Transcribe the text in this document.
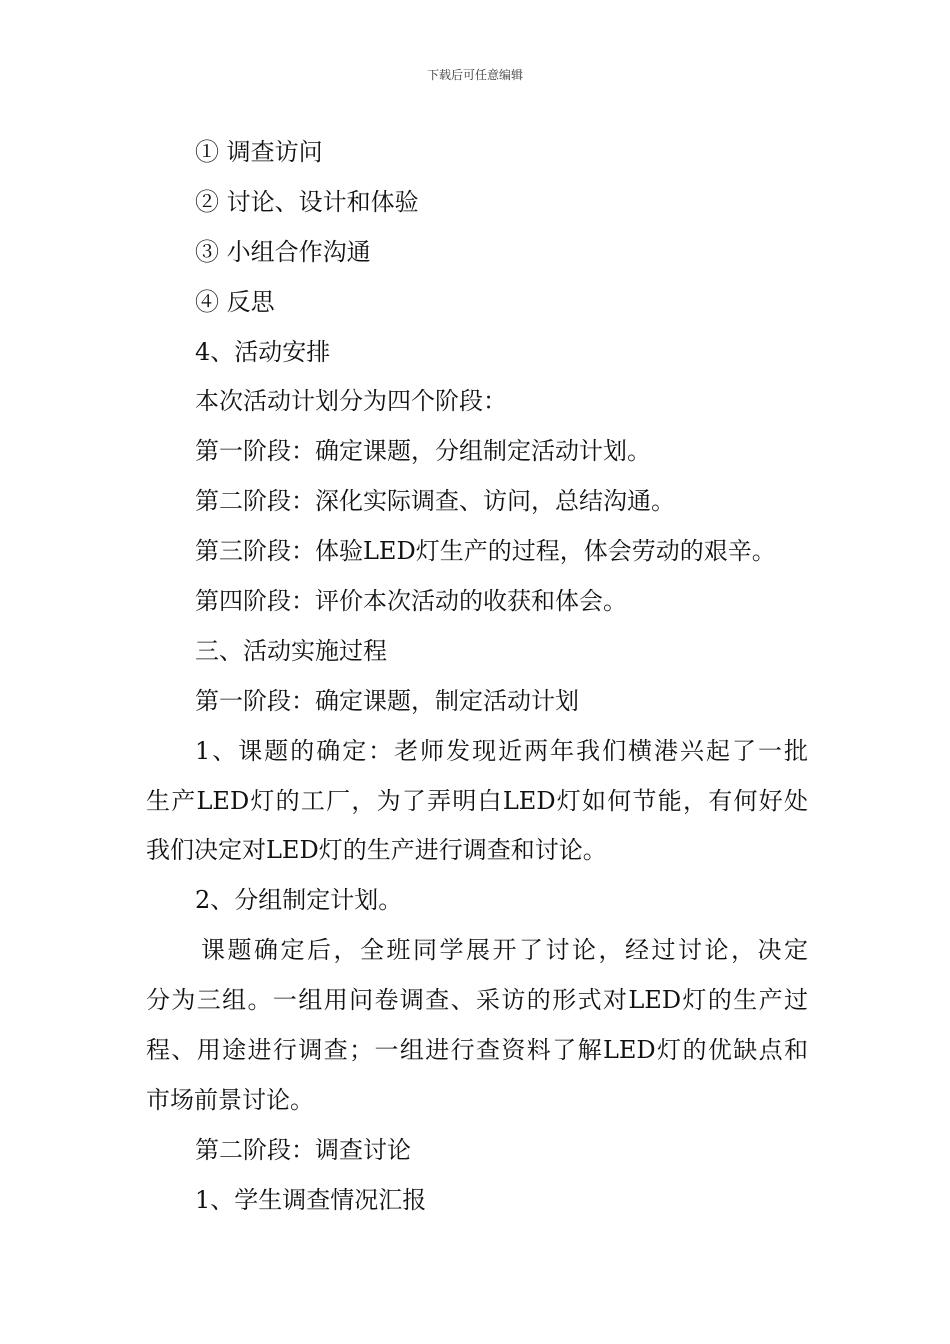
下载后可任意编辑
① 调查访问
② 讨论、设计和体验
③ 小组合作沟通
④ 反思
4、活动安排
本次活动计划分为四个阶段：
第一阶段：确定课题，分组制定活动计划。
第二阶段：深化实际调查、访问，总结沟通。
第三阶段：体验LED灯生产的过程，体会劳动的艰辛。
第四阶段：评价本次活动的收获和体会。
三、活动实施过程
第一阶段：确定课题，制定活动计划
1、课题的确定：老师发现近两年我们横港兴起了一批
生产LED灯的工厂，为了弄明白LED灯如何节能，有何好处
我们决定对LED灯的生产进行调查和讨论。
2、分组制定计划。
课题确定后，全班同学展开了讨论，经过讨论，决定
分为三组。一组用问卷调查、采访的形式对LED灯的生产过
程、用途进行调查；一组进行查资料了解LED灯的优缺点和
市场前景讨论。
第二阶段：调查讨论
1、学生调查情况汇报
